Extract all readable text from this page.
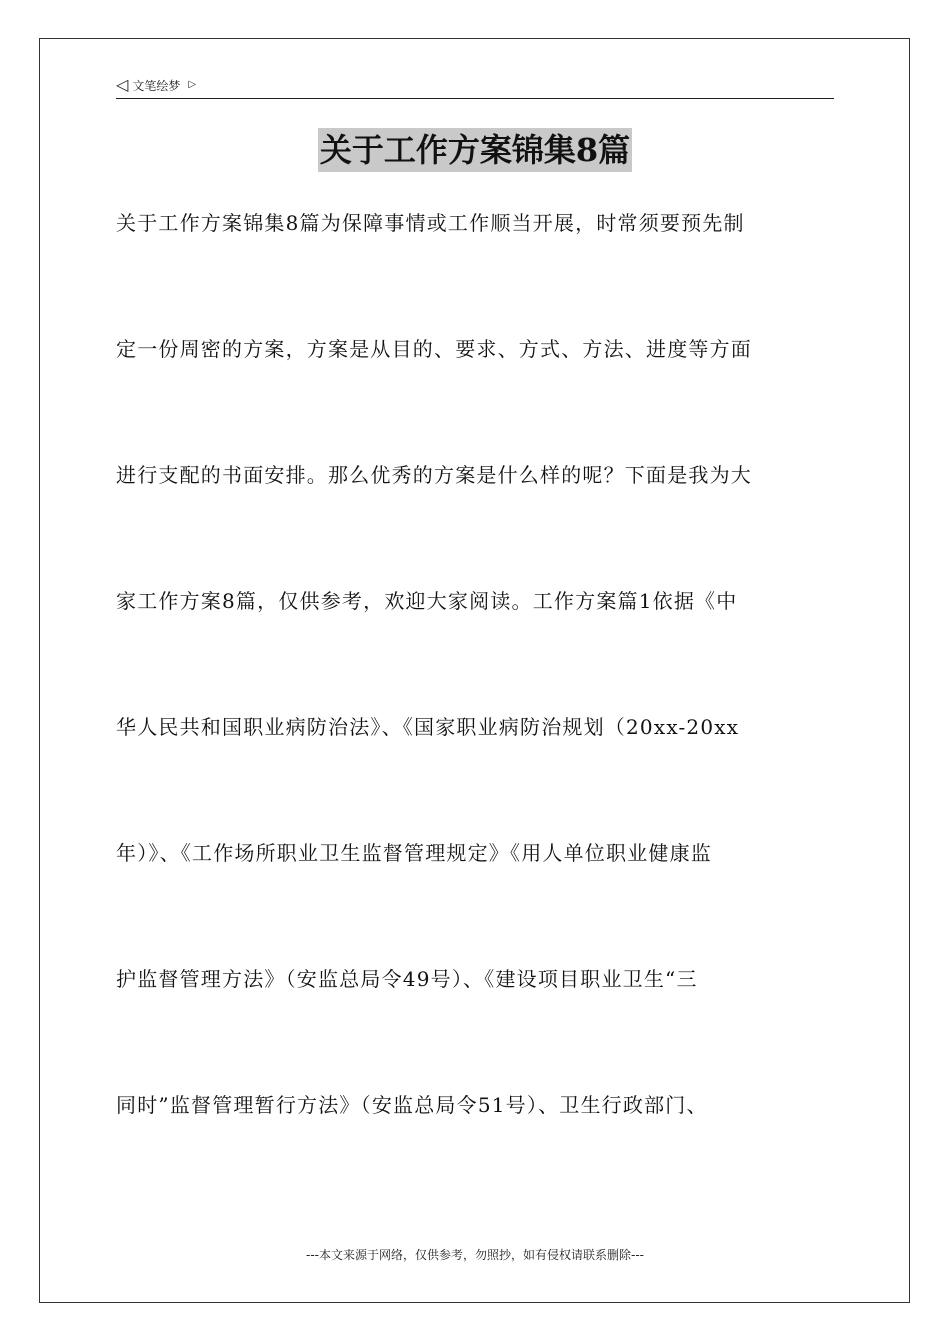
◁ 文笔绘梦 ▷
关于工作方案锦集8篇
关于工作方案锦集8篇为保障事情或工作顺当开展，时常须要预先制
定一份周密的方案，方案是从目的、要求、方式、方法、进度等方面
进行支配的书面安排。那么优秀的方案是什么样的呢？下面是我为大
家工作方案8篇，仅供参考，欢迎大家阅读。工作方案篇1依据《中
华人民共和国职业病防治法》、《国家职业病防治规划（20xx-20xx
年）》、《工作场所职业卫生监督管理规定》《用人单位职业健康监
护监督管理方法》（安监总局令49号）、《建设项目职业卫生“三
同时”监督管理暂行方法》（安监总局令51号）、卫生行政部门、
---本文来源于网络，仅供参考，勿照抄，如有侵权请联系删除---
